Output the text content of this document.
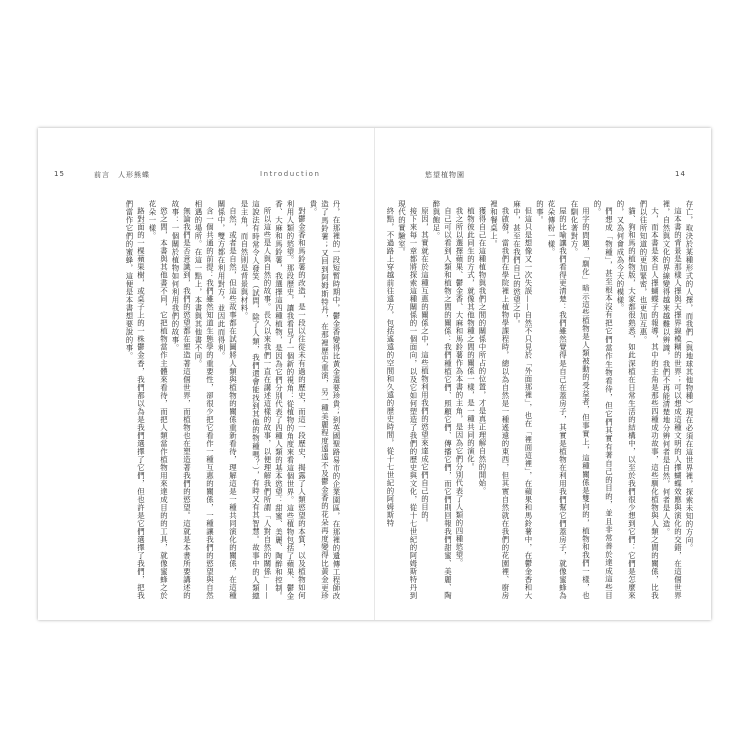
15	前言　人形熊蝶	Introduction

丹，在那裡的一段短暫時期中，鬱金香變得比黃金還要珍貴；到英國聖路易市的企業園區，在那裡的遺傳工程師改造了馬鈴薯；又回到阿姆斯特丹，在那裡歷史重演，另一種美麗程度遠遠不及鬱金香的花朵再度變得比黃金更珍貴。

對鬱金香和馬鈴薯的改造，是一段以往從未有過的歷史，而這一段歷史，揭露了人類慾望的本質，以及植物如何利用人類的慾望。那段歷史，讓我看見了一個新的視角：從植物的角度來看這個世界。這些植物包括了蘋果、鬱金香、大麻和馬鈴薯，我選擇這四種植物，是因為它們分別代表了四種人類的基本慾望：甜蜜、美麗、陶醉和控制。

所以這些是人與自然的故事。長久以來我們一直在講述這樣的故事，以便理解我們所謂「人對自然的關係」——這說法有時常令人發笑（試問，除了人類，我們還會能找到其他的物種嗎？），有時又有其智慧。故事中的人類總是主角，而自然則是背景與材料。

自然，或者是自然，但這些故事都在試圖將人類與植物的關係重新看待，理解這是一種共同演化的關係，在這種關係中，雙方都在利用對方，並因此而得利。

含一個共通的前提：我們雖然知道生態學的重要性，卻很少把它看作一種互惠的關係，一種讓我們的慾望與自然相遇的場所。在這一點上，本書與其他書不同。

無論我們是否意識到，我們的慾望都在塑造著這個世界，而植物也在塑造著我們的慾望。這就是本書所要講述的故事：一個關於植物如何利用我們的故事。

慾之間，本書與其他書不同，它把植物當作主體來看待，而把人類當作植物用來達成目的的工具，就像蜜蜂之於花朵一樣。

路對面的一棵蘋果樹，或桌子上的一株鬱金香，我們都以為是我們選擇了它們，但也許是它們選擇了我們，把我們當作它們的蜜蜂，這便是本書想要說的事。

慾望植物園	14

存亡，取決於某種形式的人擇，而我們（與地球其他物種）現在必須在這世界裡，探索未知的方向。

這本書的背景是那樣人擇與天擇界線模糊的世界；可以想成這種文明的人擇蝴蝶效應與演化的交錯，在這個世界裡，自然與文化的界線變得越來越難以辨識，我們不再能清楚地分辨何者是自然，何者是人造。

大，而本書是來自人擇蝴蝶子的報導，其中的主角是那些四種成功故事，這些馴化植物與人類之間的關係，比我們以往所知道的更加緊密，也更加互惠。

貓、狗和馬的植物版，大家都很熟悉，如此深植在日常生活的結構中，以至於我們很少想到它們：它們是怎麼來的，又為何會成為今天的模樣。

們想成「物種」，甚至根本沒有把它們當作生物看待，但它們其實有著自己的目的，並且非常善於達成這些目的。

用字的問題，「馴化」暗示這些植物是人類被動的受益者，但事實上，這種關係是雙向的，植物和我們一樣，也在馴化著對方。

屋的比喻讓我們看得更清楚：我們雖然覺得是自己在蓋房子，其實是植物在利用我們幫它們蓋房子，就像蜜蜂為花朵傳粉一樣。

的事。

但這只是想像又一次失誤——自然不只見於「外面那裡」，也在「裡面這裡」，在蘋果和馬鈴薯中，在鬱金香和大麻中，甚至在我們自己的慾望之中。

我啟發，當我們在學院裡上植物學課程時，總以為自然是一種遙遠的東西，但其實自然就在我們的花園裡、廚房裡和餐桌上。

獲得自己在這種植物與我們之間的關係中所占的位置，才是真正理解自然的開始。

植物彼此同生的方式，就像其他物種之間的關係一樣，是一種共同的演化。

我之所以選擇蘋果、鬱金香、大麻和馬鈴薯作為本書的主角，是因為它們分別代表了人類的四種慾望。

自己可以看到人類和植物之間的關係：我們種植它們、照顧它們、傳播它們，而它們則回報我們甜蜜、美麗、陶醉與飽足。

原因，其實就在於這種互惠的關係之中，這些植物利用我們的慾望來達成它們自己的目的。

接下來每一章都將探索這種關係的一個面向，以及它如何塑造了我們的歷史與文化，從十七世紀的阿姆斯特丹到現代的實驗室。

終點，不過路上穿越前往遠方，包括遙遠的空間和久遠的歷史時間，從十七世紀的阿姆斯特
